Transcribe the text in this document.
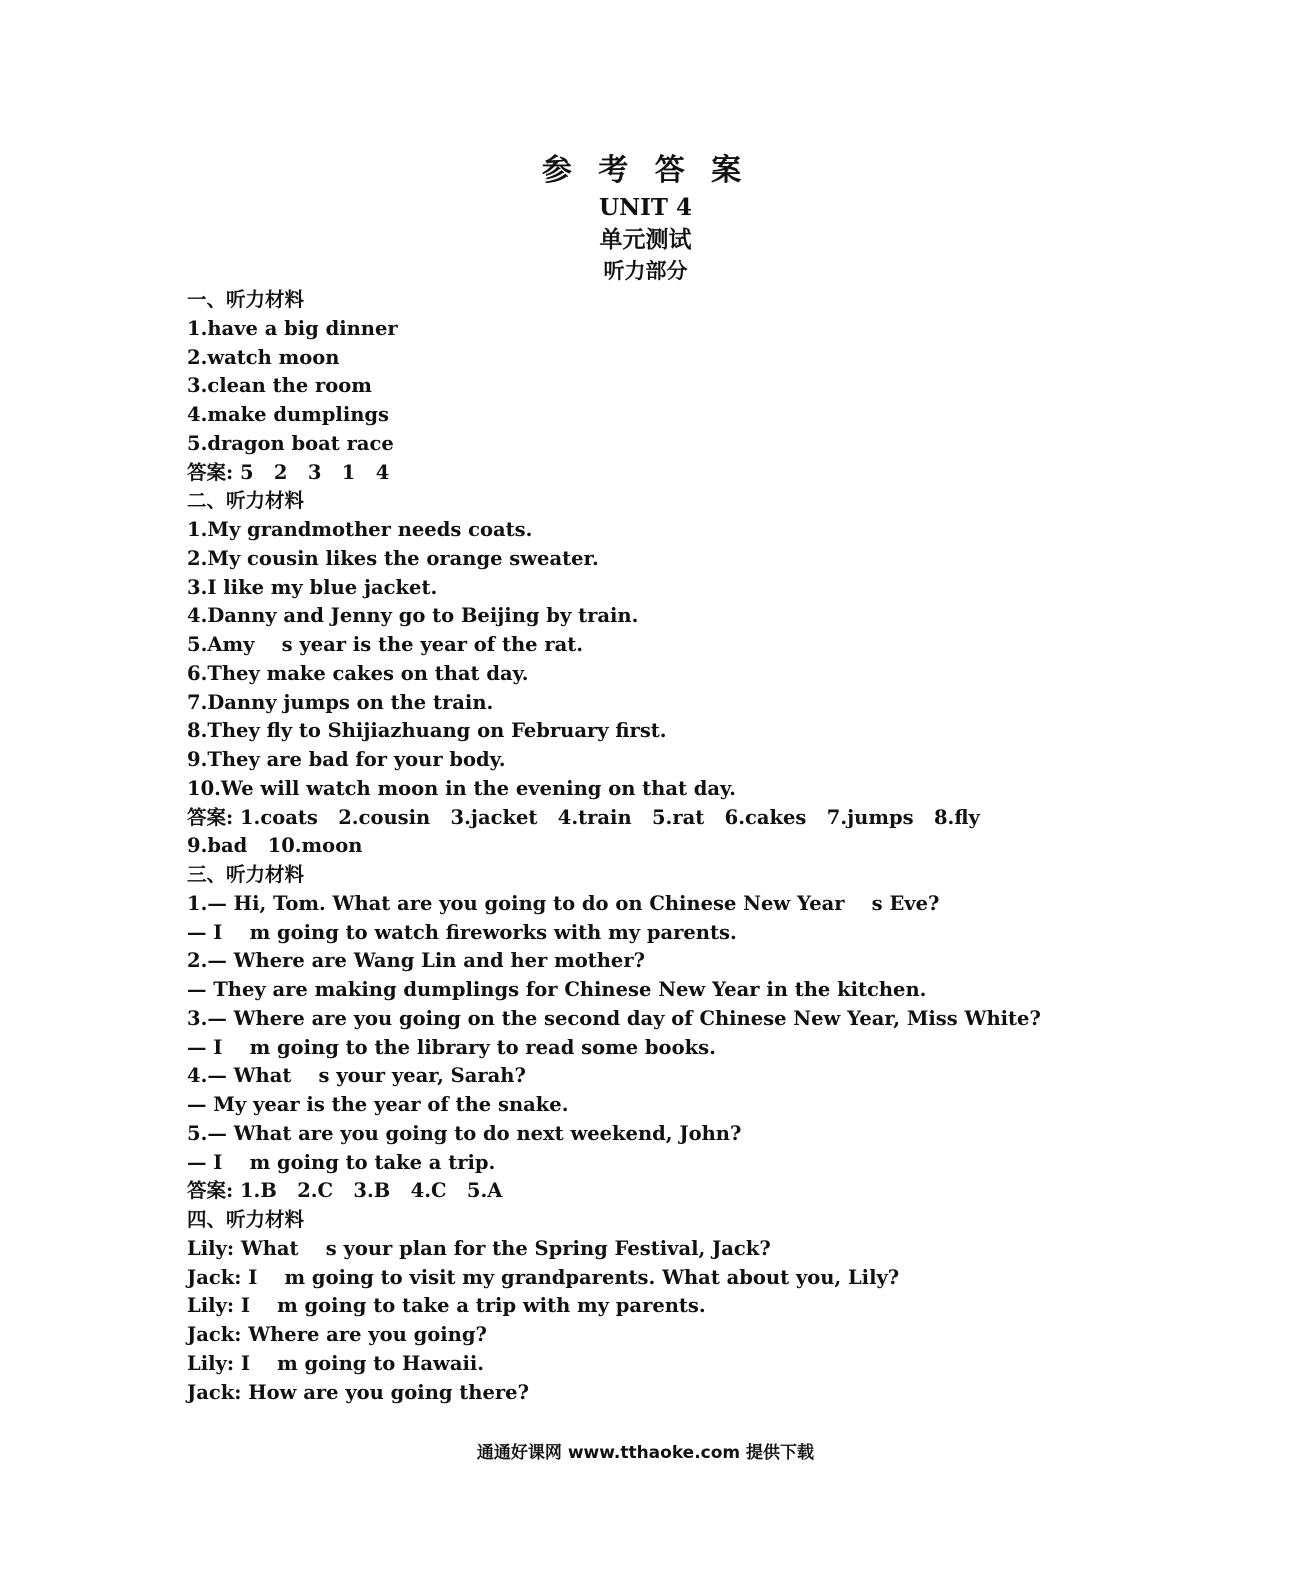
参 考 答 案
UNIT 4
单元测试
听力部分
一、听力材料
1.have a big dinner
2.watch moon
3.clean the room
4.make dumplings
5.dragon boat race
答案: 5   2   3   1   4
二、听力材料
1.My grandmother needs coats.
2.My cousin likes the orange sweater.
3.I like my blue jacket.
4.Danny and Jenny go to Beijing by train.
5.Amy    s year is the year of the rat.
6.They make cakes on that day.
7.Danny jumps on the train.
8.They fly to Shijiazhuang on February first.
9.They are bad for your body.
10.We will watch moon in the evening on that day.
答案: 1.coats   2.cousin   3.jacket   4.train   5.rat   6.cakes   7.jumps   8.fly
9.bad   10.moon
三、听力材料
1.— Hi, Tom. What are you going to do on Chinese New Year    s Eve?
— I    m going to watch fireworks with my parents.
2.— Where are Wang Lin and her mother?
— They are making dumplings for Chinese New Year in the kitchen.
3.— Where are you going on the second day of Chinese New Year, Miss White?
— I    m going to the library to read some books.
4.— What    s your year, Sarah?
— My year is the year of the snake.
5.— What are you going to do next weekend, John?
— I    m going to take a trip.
答案: 1.B   2.C   3.B   4.C   5.A
四、听力材料
Lily: What    s your plan for the Spring Festival, Jack?
Jack: I    m going to visit my grandparents. What about you, Lily?
Lily: I    m going to take a trip with my parents.
Jack: Where are you going?
Lily: I    m going to Hawaii.
Jack: How are you going there?
通通好课网 www.tthaoke.com 提供下载
